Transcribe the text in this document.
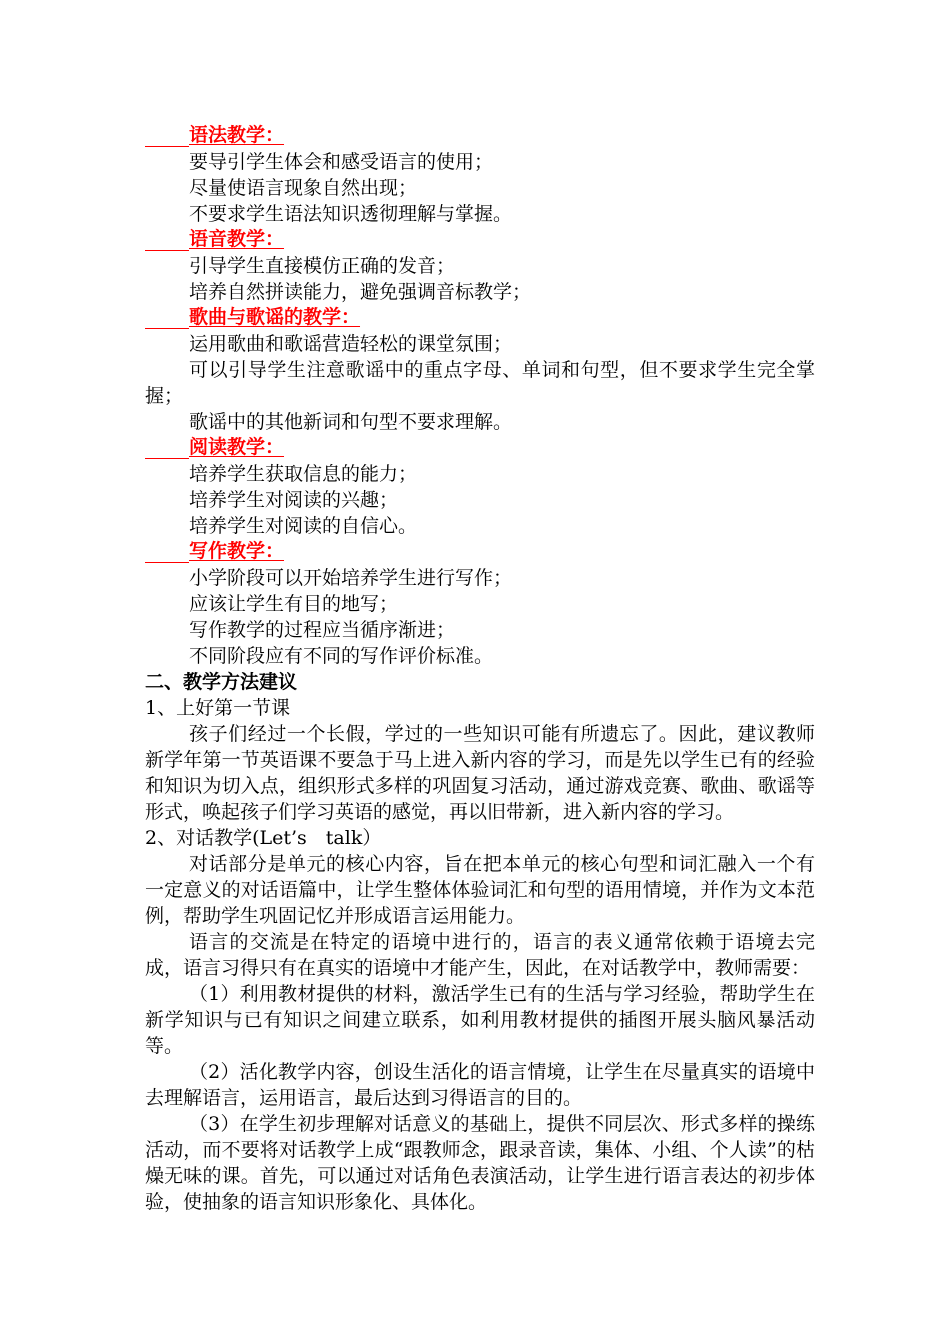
语法教学：
要导引学生体会和感受语言的使用；
尽量使语言现象自然出现；
不要求学生语法知识透彻理解与掌握。
语音教学：
引导学生直接模仿正确的发音；
培养自然拼读能力，避免强调音标教学；
歌曲与歌谣的教学：
运用歌曲和歌谣营造轻松的课堂氛围；

可以引导学生注意歌谣中的重点字母、单词和句型，但不要求学生完全掌握；

歌谣中的其他新词和句型不要求理解。
阅读教学：
培养学生获取信息的能力；
培养学生对阅读的兴趣；
培养学生对阅读的自信心。
写作教学：
小学阶段可以开始培养学生进行写作；
应该让学生有目的地写；
写作教学的过程应当循序渐进；
不同阶段应有不同的写作评价标准。
二、教学方法建议
1、上好第一节课

孩子们经过一个长假，学过的一些知识可能有所遗忘了。因此，建议教师新学年第一节英语课不要急于马上进入新内容的学习，而是先以学生已有的经验和知识为切入点，组织形式多样的巩固复习活动，通过游戏竞赛、歌曲、歌谣等形式，唤起孩子们学习英语的感觉，再以旧带新，进入新内容的学习。

2、对话教学(Let’s　talk）

对话部分是单元的核心内容，旨在把本单元的核心句型和词汇融入一个有一定意义的对话语篇中，让学生整体体验词汇和句型的语用情境，并作为文本范例，帮助学生巩固记忆并形成语言运用能力。

语言的交流是在特定的语境中进行的，语言的表义通常依赖于语境去完成，语言习得只有在真实的语境中才能产生，因此，在对话教学中，教师需要：

（1）利用教材提供的材料，激活学生已有的生活与学习经验，帮助学生在新学知识与已有知识之间建立联系，如利用教材提供的插图开展头脑风暴活动等。

（2）活化教学内容，创设生活化的语言情境，让学生在尽量真实的语境中去理解语言，运用语言，最后达到习得语言的目的。

（3）在学生初步理解对话意义的基础上，提供不同层次、形式多样的操练活动，而不要将对话教学上成“跟教师念，跟录音读，集体、小组、个人读”的枯燥无味的课。首先，可以通过对话角色表演活动，让学生进行语言表达的初步体验，使抽象的语言知识形象化、具体化。
